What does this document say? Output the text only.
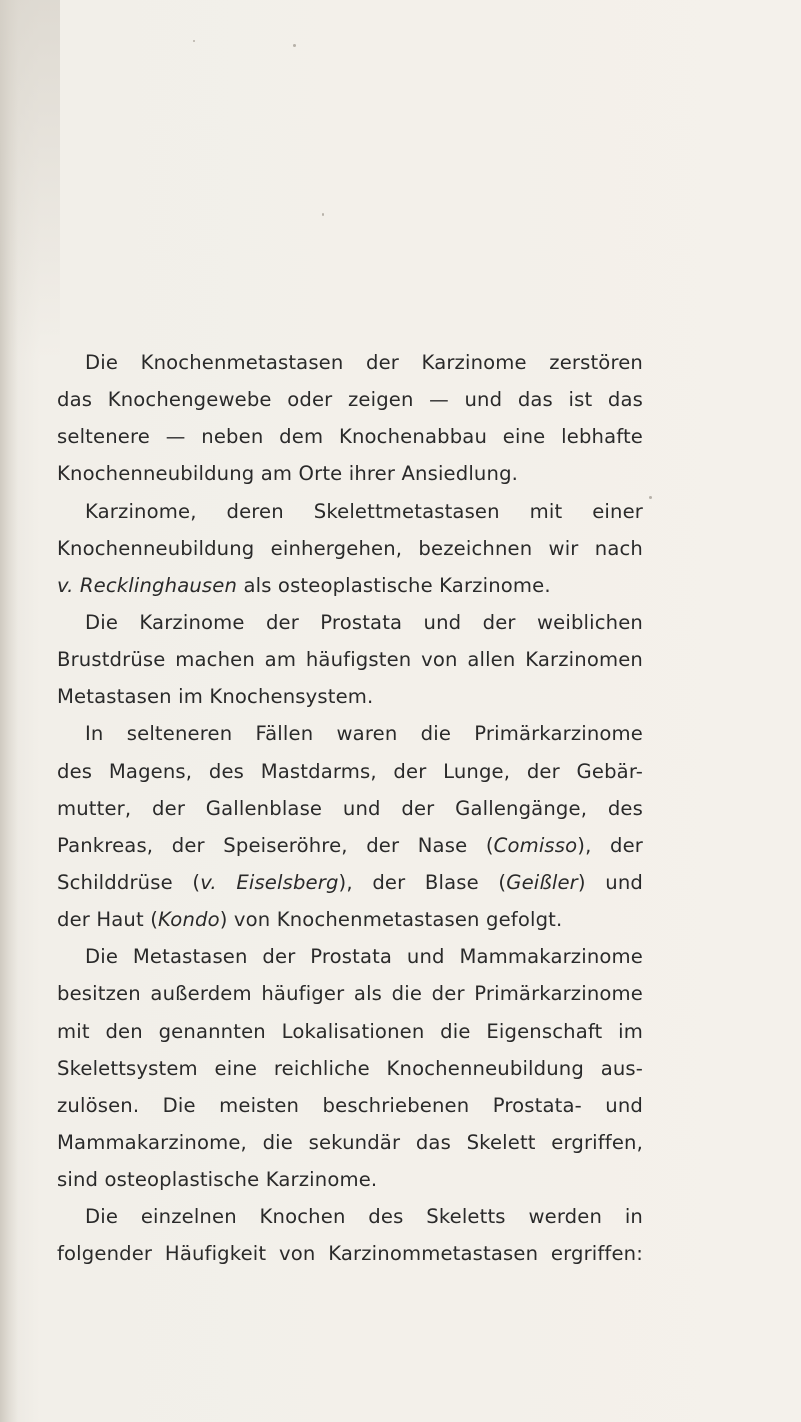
Die Knochenmetastasen der Karzinome zerstören
das Knochengewebe oder zeigen — und das ist das
seltenere — neben dem Knochenabbau eine lebhafte
Knochenneubildung am Orte ihrer Ansiedlung.
Karzinome, deren Skelettmetastasen mit einer
Knochenneubildung einhergehen, bezeichnen wir nach
v. Recklinghausen als osteoplastische Karzinome.
Die Karzinome der Prostata und der weiblichen
Brustdrüse machen am häufigsten von allen Karzinomen
Metastasen im Knochensystem.
In selteneren Fällen waren die Primärkarzinome
des Magens, des Mastdarms, der Lunge, der Gebär-
mutter, der Gallenblase und der Gallengänge, des
Pankreas, der Speiseröhre, der Nase (Comisso), der
Schilddrüse (v. Eiselsberg), der Blase (Geißler) und
der Haut (Kondo) von Knochenmetastasen gefolgt.
Die Metastasen der Prostata und Mammakarzinome
besitzen außerdem häufiger als die der Primärkarzinome
mit den genannten Lokalisationen die Eigenschaft im
Skelettsystem eine reichliche Knochenneubildung aus-
zulösen. Die meisten beschriebenen Prostata- und
Mammakarzinome, die sekundär das Skelett ergriffen,
sind osteoplastische Karzinome.
Die einzelnen Knochen des Skeletts werden in
folgender Häufigkeit von Karzinommetastasen ergriffen:
